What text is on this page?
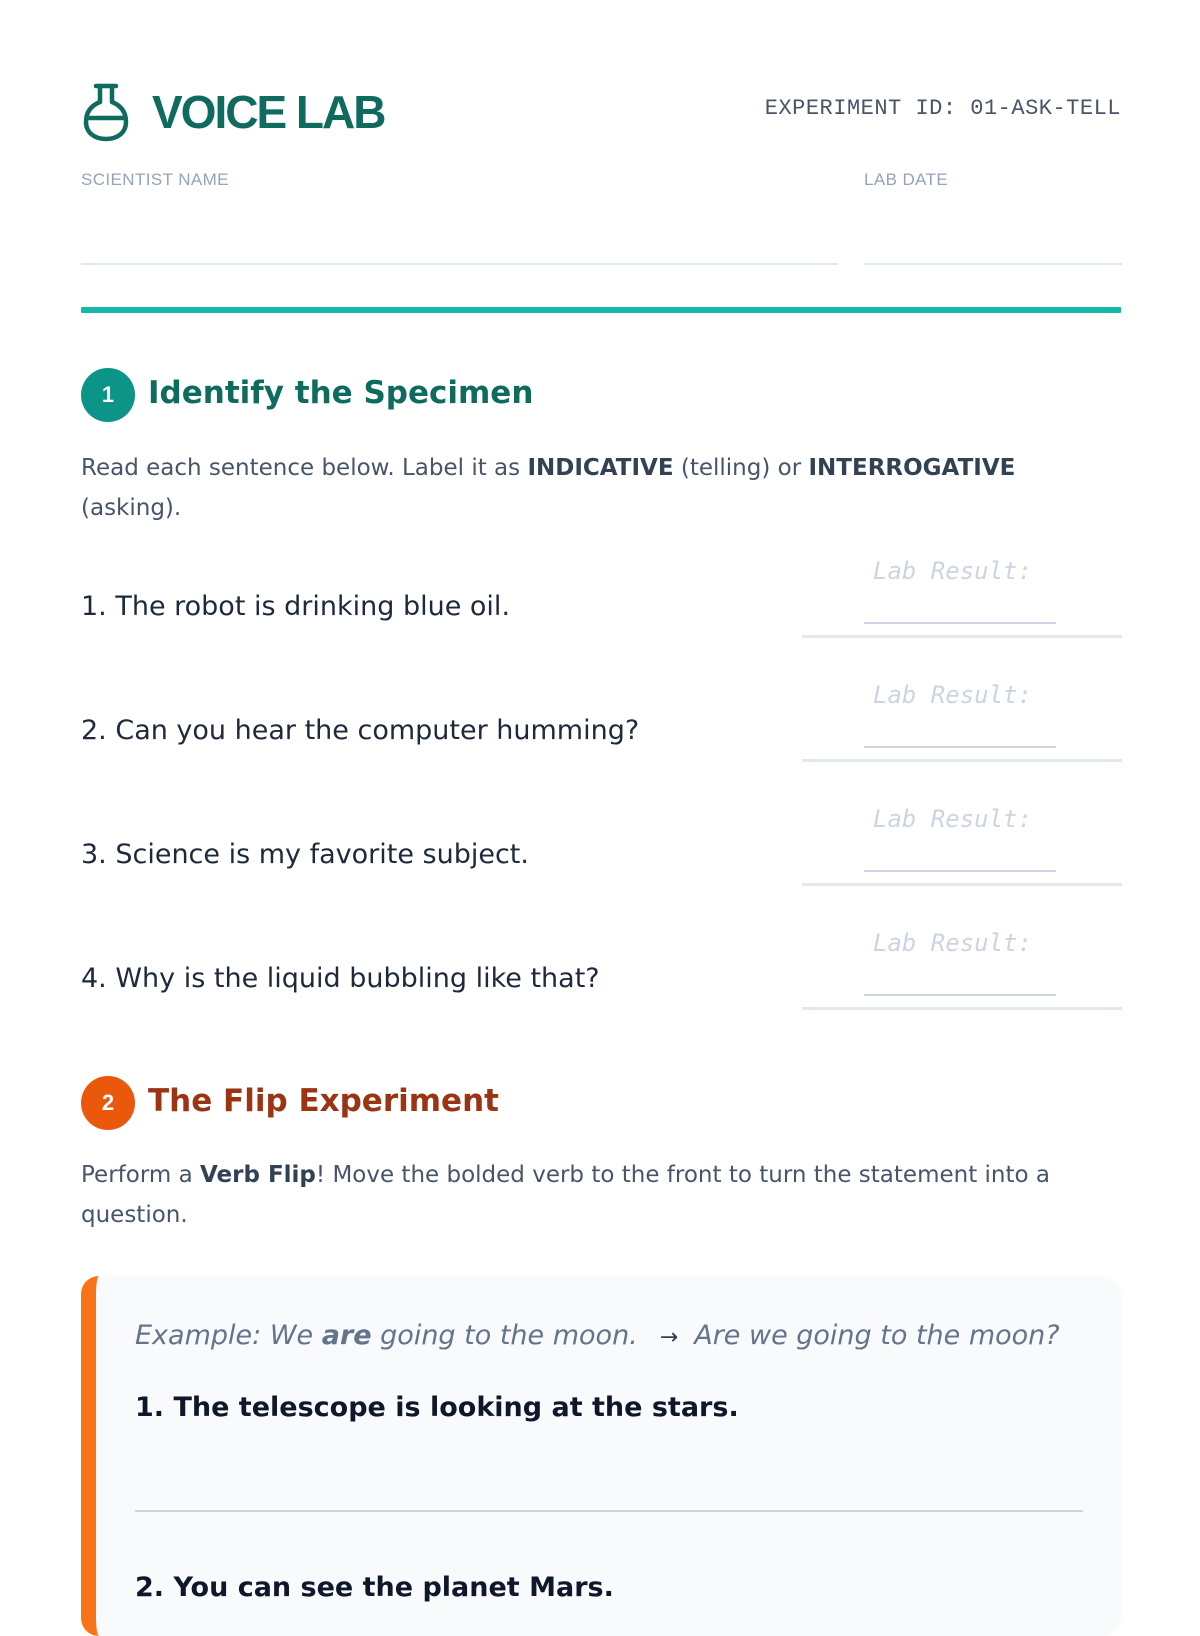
VOICE LAB	EXPERIMENT ID: 01-ASK-TELL
SCIENTIST NAME	LAB DATE
1	Identify the Specimen
Read each sentence below. Label it as INDICATIVE (telling) or INTERROGATIVE (asking).
1. The robot is drinking blue oil.
Lab Result:
2. Can you hear the computer humming?
Lab Result:
3. Science is my favorite subject.
Lab Result:
4. Why is the liquid bubbling like that?
Lab Result:
2	The Flip Experiment
Perform a Verb Flip! Move the bolded verb to the front to turn the statement into a question.
Example: We are going to the moon. → Are we going to the moon?
1. The telescope is looking at the stars.
2. You can see the planet Mars.
